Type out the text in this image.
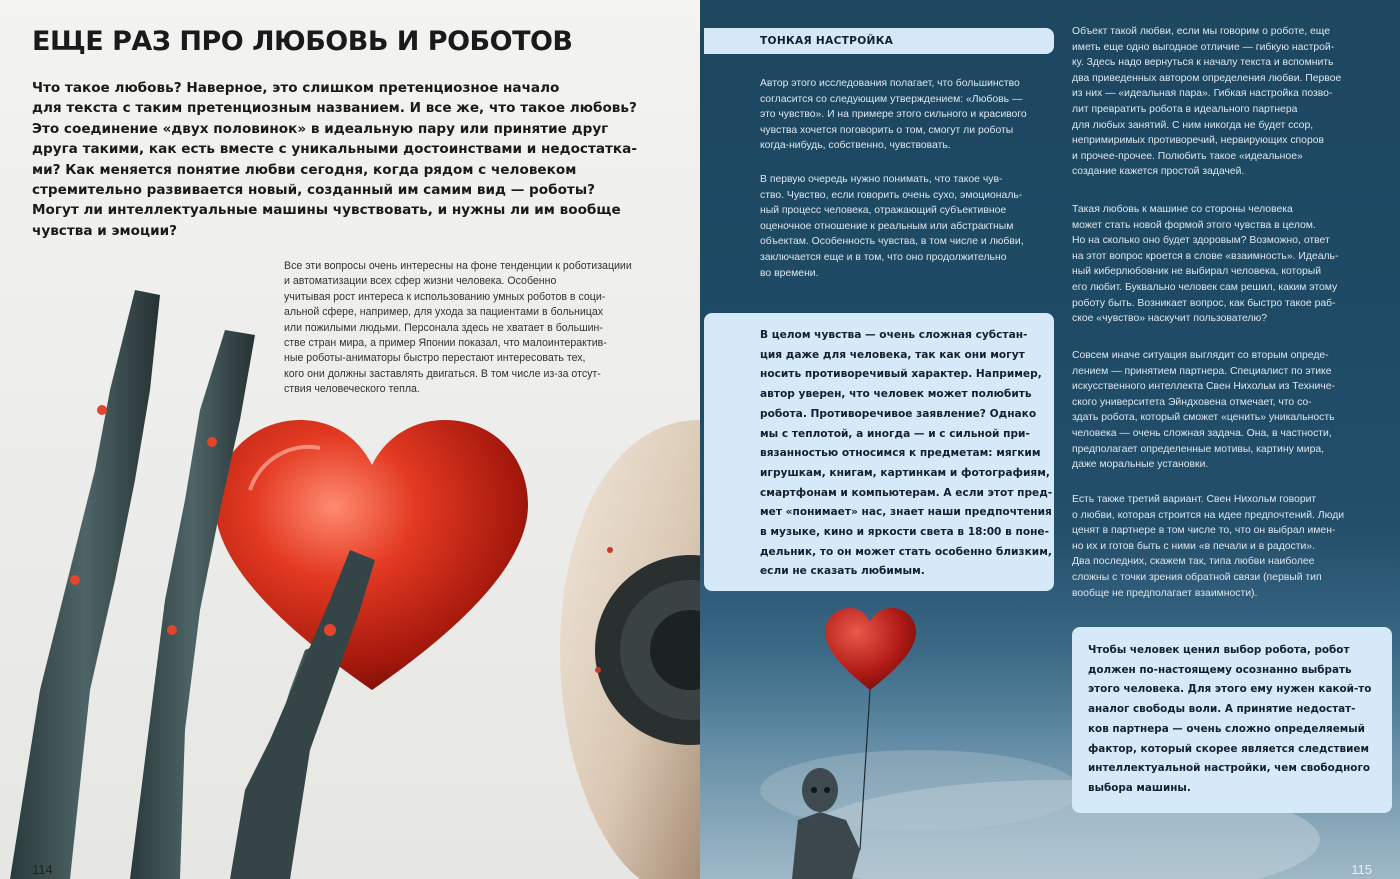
ЕЩЕ РАЗ ПРО ЛЮБОВЬ И РОБОТОВ

Что такое любовь? Наверное, это слишком претенциозное начало
для текста с таким претенциозным названием. И все же, что такое любовь?
Это соединение «двух половинок» в идеальную пару или принятие друг
друга такими, как есть вместе с уникальными достоинствами и недостатка-
ми? Как меняется понятие любви сегодня, когда рядом с человеком
стремительно развивается новый, созданный им самим вид — роботы?
Могут ли интеллектуальные машины чувствовать, и нужны ли им вообще
чувства и эмоции?

Все эти вопросы очень интересны на фоне тенденции к роботизациии
и автоматизации всех сфер жизни человека. Особенно
учитывая рост интереса к использованию умных роботов в соци-
альной сфере, например, для ухода за пациентами в больницах
или пожилыми людьми. Персонала здесь не хватает в большин-
стве стран мира, а пример Японии показал, что малоинтерактив-
ные роботы-аниматоры быстро перестают интересовать тех,
кого они должны заставлять двигаться. В том числе из-за отсут-
ствия человеческого тепла.

114
ТОНКАЯ НАСТРОЙКА

Автор этого исследования полагает, что большинство
согласится со следующим утверждением: «Любовь —
это чувство». И на примере этого сильного и красивого
чувства хочется поговорить о том, смогут ли роботы
когда-нибудь, собственно, чувствовать.

В первую очередь нужно понимать, что такое чув-
ство. Чувство, если говорить очень сухо, эмоциональ-
ный процесс человека, отражающий субъективное
оценочное отношение к реальным или абстрактным
объектам. Особенность чувства, в том числе и любви,
заключается еще и в том, что оно продолжительно
во времени.

В целом чувства — очень сложная субстан-
ция даже для человека, так как они могут
носить противоречивый характер. Например,
автор уверен, что человек может полюбить
робота. Противоречивое заявление? Однако
мы с теплотой, а иногда — и с сильной при-
вязанностью относимся к предметам: мягким
игрушкам, книгам, картинкам и фотографиям,
смартфонам и компьютерам. А если этот пред-
мет «понимает» нас, знает наши предпочтения
в музыке, кино и яркости света в 18:00 в поне-
дельник, то он может стать особенно близким,
если не сказать любимым.

Объект такой любви, если мы говорим о роботе, еще
иметь еще одно выгодное отличие — гибкую настрой-
ку. Здесь надо вернуться к началу текста и вспомнить
два приведенных автором определения любви. Первое
из них — «идеальная пара». Гибкая настройка позво-
лит превратить робота в идеального партнера
для любых занятий. С ним никогда не будет ссор,
непримиримых противоречий, нервирующих споров
и прочее-прочее. Полюбить такое «идеальное»
создание кажется простой задачей.

Такая любовь к машине со стороны человека
может стать новой формой этого чувства в целом.
Но на сколько оно будет здоровым? Возможно, ответ
на этот вопрос кроется в слове «взаимность». Идеаль-
ный киберлюбовник не выбирал человека, который
его любит. Буквально человек сам решил, каким этому
роботу быть. Возникает вопрос, как быстро такое раб-
ское «чувство» наскучит пользователю?

Совсем иначе ситуация выглядит со вторым опреде-
лением — принятием партнера. Специалист по этике
искусственного интеллекта Свен Нихольм из Техниче-
ского университета Эйндховена отмечает, что со-
здать робота, который сможет «ценить» уникальность
человека — очень сложная задача. Она, в частности,
предполагает определенные мотивы, картину мира,
даже моральные установки.

Есть также третий вариант. Свен Нихольм говорит
о любви, которая строится на идее предпочтений. Люди
ценят в партнере в том числе то, что он выбрал имен-
но их и готов быть с ними «в печали и в радости».
Два последних, скажем так, типа любви наиболее
сложны с точки зрения обратной связи (первый тип
вообще не предполагает взаимности).

Чтобы человек ценил выбор робота, робот
должен по-настоящему осознанно выбрать
этого человека. Для этого ему нужен какой-то
аналог свободы воли. А принятие недостат-
ков партнера — очень сложно определяемый
фактор, который скорее является следствием
интеллектуальной настройки, чем свободного
выбора машины.

115
